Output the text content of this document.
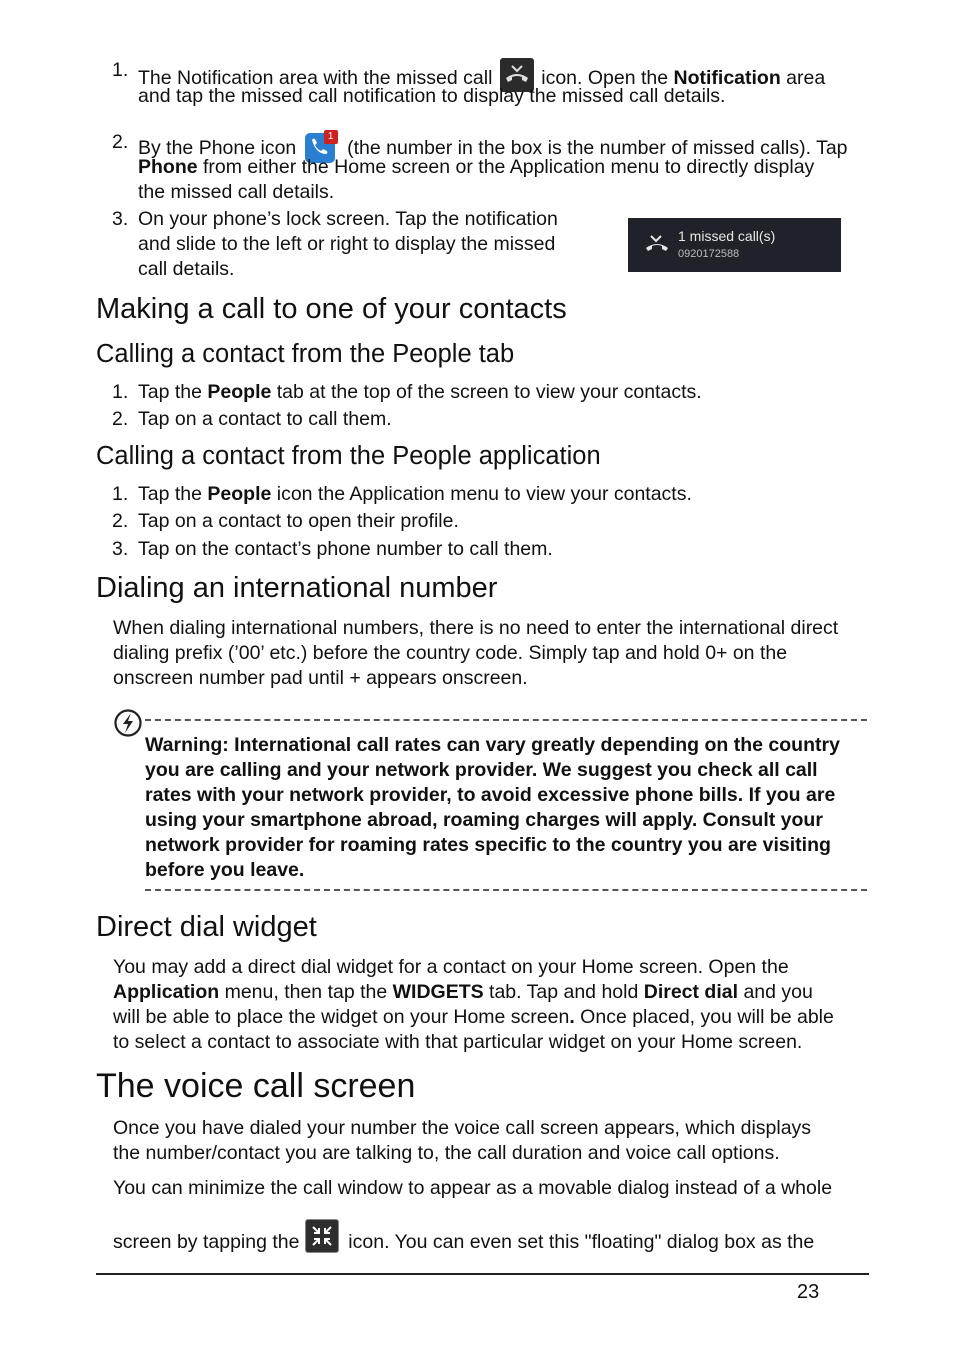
1. The Notification area with the missed call  icon. Open the Notification area
and tap the missed call notification to display the missed call details.
2. By the Phone icon
1
(the number in the box is the number of missed calls). Tap
Phone from either the Home screen or the Application menu to directly display
the missed call details.
3. On your phone’s lock screen. Tap the notification
and slide to the left or right to display the missed
call details.
1 missed call(s)
0920172588
Making a call to one of your contacts
Calling a contact from the People tab
1. Tap the People tab at the top of the screen to view your contacts.
2. Tap on a contact to call them.
Calling a contact from the People application
1. Tap the People icon the Application menu to view your contacts.
2. Tap on a contact to open their profile.
3. Tap on the contact’s phone number to call them.
Dialing an international number
When dialing international numbers, there is no need to enter the international direct
dialing prefix (’00’ etc.) before the country code. Simply tap and hold 0+ on the
onscreen number pad until + appears onscreen.
Warning: International call rates can vary greatly depending on the country
you are calling and your network provider. We suggest you check all call
rates with your network provider, to avoid excessive phone bills. If you are
using your smartphone abroad, roaming charges will apply. Consult your
network provider for roaming rates specific to the country you are visiting
before you leave.
Direct dial widget
You may add a direct dial widget for a contact on your Home screen. Open the
Application menu, then tap the WIDGETS tab. Tap and hold Direct dial and you
will be able to place the widget on your Home screen. Once placed, you will be able
to select a contact to associate with that particular widget on your Home screen.
The voice call screen
Once you have dialed your number the voice call screen appears, which displays
the number/contact you are talking to, the call duration and voice call options.
You can minimize the call window to appear as a movable dialog instead of a whole
screen by tapping the  icon. You can even set this "floating" dialog box as the
23
